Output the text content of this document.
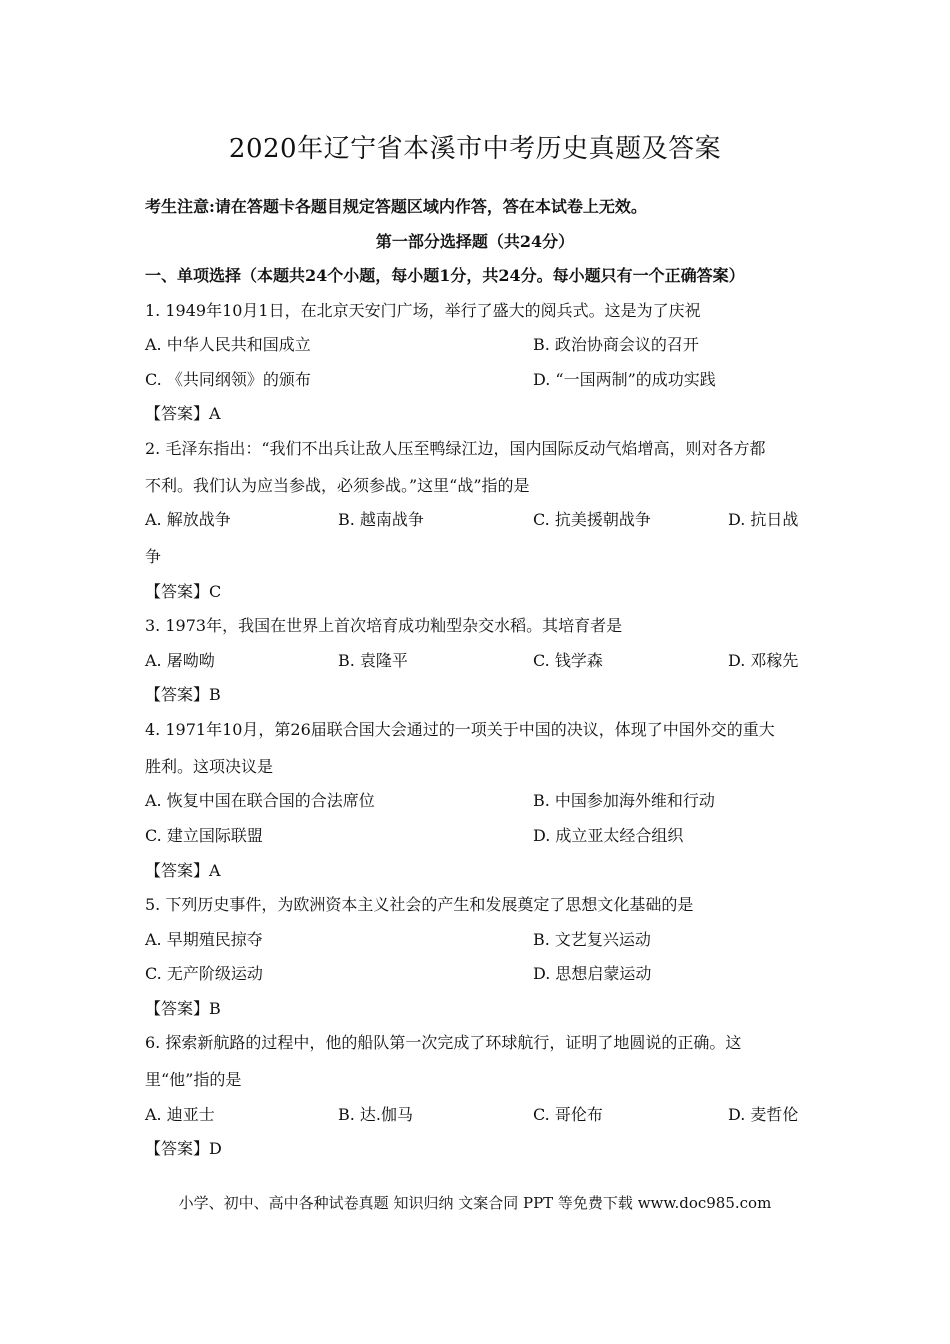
2020年辽宁省本溪市中考历史真题及答案
考生注意:请在答题卡各题目规定答题区域内作答，答在本试卷上无效。
第一部分选择题（共24分）
一、单项选择（本题共24个小题，每小题1分，共24分。每小题只有一个正确答案）
1. 1949年10月1日，在北京天安门广场，举行了盛大的阅兵式。这是为了庆祝
A. 中华人民共和国成立	B. 政治协商会议的召开
C. 《共同纲领》的颁布	D. “一国两制”的成功实践
【答案】A
2. 毛泽东指出：“我们不出兵让敌人压至鸭绿江边，国内国际反动气焰增高，则对各方都
不利。我们认为应当参战，必须参战。”这里“战”指的是
A. 解放战争	B. 越南战争	C. 抗美援朝战争	D. 抗日战
争
【答案】C
3. 1973年，我国在世界上首次培育成功籼型杂交水稻。其培育者是
A. 屠呦呦	B. 袁隆平	C. 钱学森	D. 邓稼先
【答案】B
4. 1971年10月，第26届联合国大会通过的一项关于中国的决议，体现了中国外交的重大
胜利。这项决议是
A. 恢复中国在联合国的合法席位	B. 中国参加海外维和行动
C. 建立国际联盟	D. 成立亚太经合组织
【答案】A
5. 下列历史事件，为欧洲资本主义社会的产生和发展奠定了思想文化基础的是
A. 早期殖民掠夺	B. 文艺复兴运动
C. 无产阶级运动	D. 思想启蒙运动
【答案】B
6. 探索新航路的过程中，他的船队第一次完成了环球航行，证明了地圆说的正确。这
里“他”指的是
A. 迪亚士	B. 达.伽马	C. 哥伦布	D. 麦哲伦
【答案】D
小学、初中、高中各种试卷真题 知识归纳 文案合同 PPT 等免费下载 www.doc985.com
